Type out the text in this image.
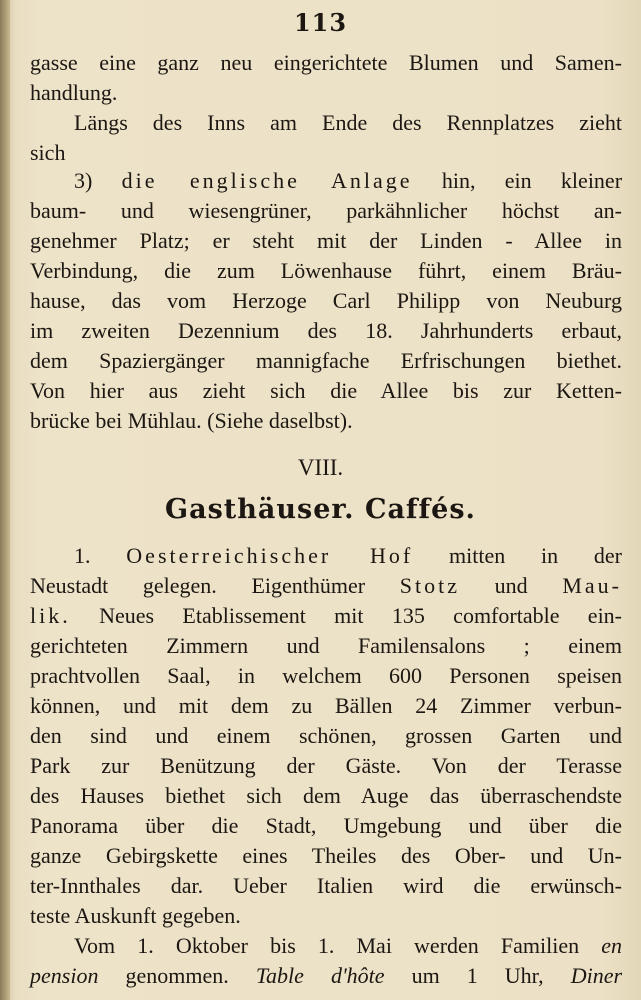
113
gasse eine ganz neu eingerichtete Blumen und Samen-
handlung.
Längs des Inns am Ende des Rennplatzes zieht
sich
3) die englische Anlage hin, ein kleiner
baum- und wiesengrüner, parkähnlicher höchst an-
genehmer Platz; er steht mit der Linden - Allee in
Verbindung, die zum Löwenhause führt, einem Bräu-
hause, das vom Herzoge Carl Philipp von Neuburg
im zweiten Dezennium des 18. Jahrhunderts erbaut,
dem Spaziergänger mannigfache Erfrischungen biethet.
Von hier aus zieht sich die Allee bis zur Ketten-
brücke bei Mühlau. (Siehe daselbst).
VIII.
Gasthäuser. Caffés.
1. Oesterreichischer Hof mitten in der
Neustadt gelegen. Eigenthümer Stotz und Mau-
lik. Neues Etablissement mit 135 comfortable ein-
gerichteten Zimmern und Familensalons ; einem
prachtvollen Saal, in welchem 600 Personen speisen
können, und mit dem zu Bällen 24 Zimmer verbun-
den sind und einem schönen, grossen Garten und
Park zur Benützung der Gäste. Von der Terasse
des Hauses biethet sich dem Auge das überraschendste
Panorama über die Stadt, Umgebung und über die
ganze Gebirgskette eines Theiles des Ober- und Un-
ter-Innthales dar. Ueber Italien wird die erwünsch-
teste Auskunft gegeben.
Vom 1. Oktober bis 1. Mai werden Familien en
pension genommen. Table d'hôte um 1 Uhr, Diner
